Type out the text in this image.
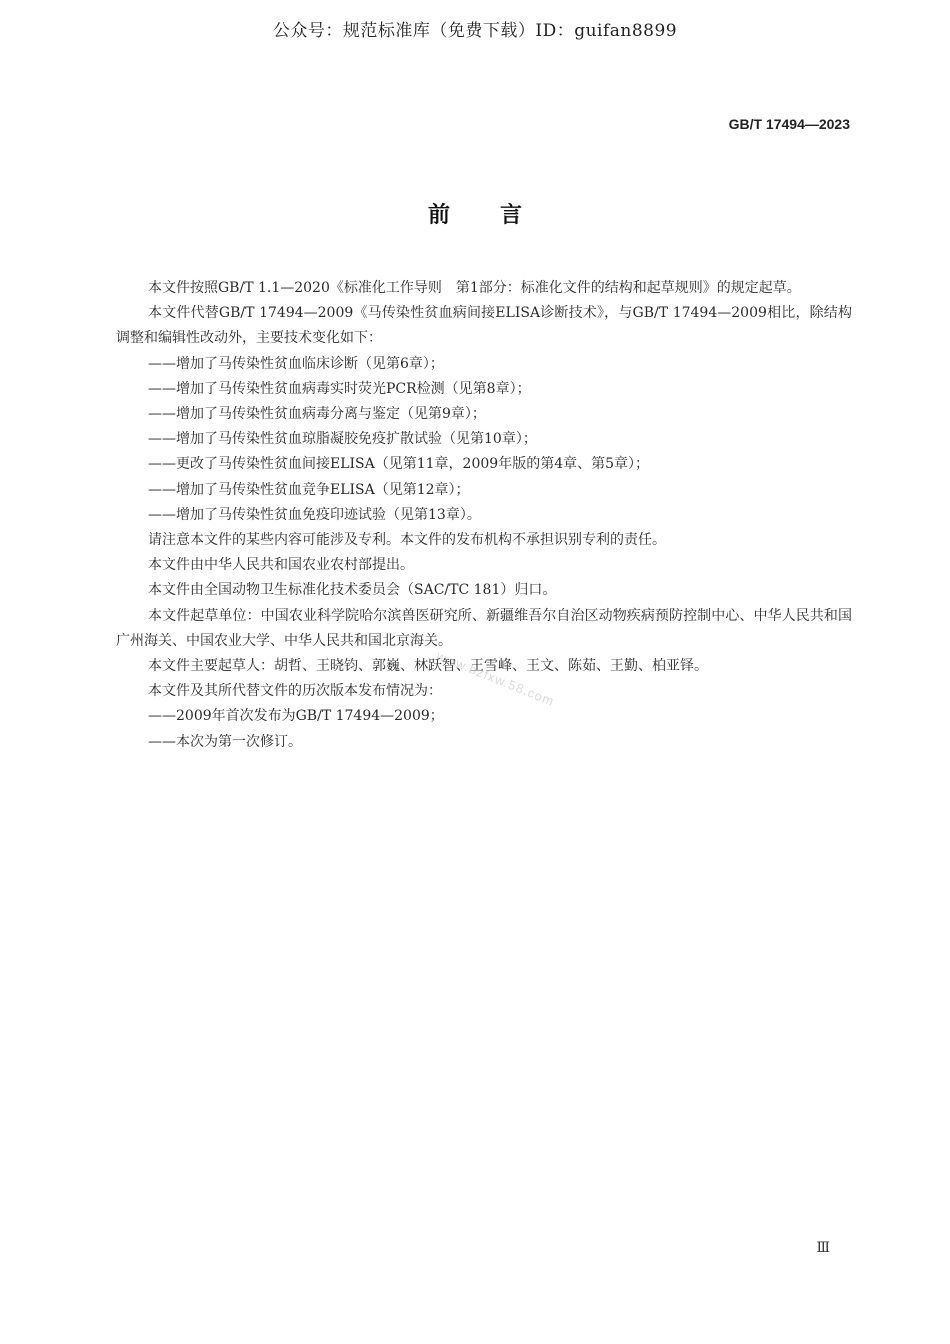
公众号：规范标准库（免费下载）ID：guifan8899
GB/T 17494—2023
前言

本文件按照GB/T 1.1—2020《标准化工作导则　第1部分：标准化文件的结构和起草规则》的规定起草。

本文件代替GB/T 17494—2009《马传染性贫血病间接ELISA诊断技术》，与GB/T 17494—2009相比，除结构调整和编辑性改动外，主要技术变化如下：

——增加了马传染性贫血临床诊断（见第6章）；

——增加了马传染性贫血病毒实时荧光PCR检测（见第8章）；

——增加了马传染性贫血病毒分离与鉴定（见第9章）；

——增加了马传染性贫血琼脂凝胶免疫扩散试验（见第10章）；

——更改了马传染性贫血间接ELISA（见第11章，2009年版的第4章、第5章）；

——增加了马传染性贫血竞争ELISA（见第12章）；

——增加了马传染性贫血免疫印迹试验（见第13章）。

请注意本文件的某些内容可能涉及专利。本文件的发布机构不承担识别专利的责任。

本文件由中华人民共和国农业农村部提出。

本文件由全国动物卫生标准化技术委员会（SAC/TC 181）归口。

本文件起草单位：中国农业科学院哈尔滨兽医研究所、新疆维吾尔自治区动物疾病预防控制中心、中华人民共和国广州海关、中国农业大学、中华人民共和国北京海关。

本文件主要起草人：胡哲、王晓钧、郭巍、林跃智、王雪峰、王文、陈茹、王勤、柏亚铎。

本文件及其所代替文件的历次版本发布情况为：

——2009年首次发布为GB/T 17494—2009；

——本次为第一次修订。

www.bzfxw.58.com
Ⅲ
